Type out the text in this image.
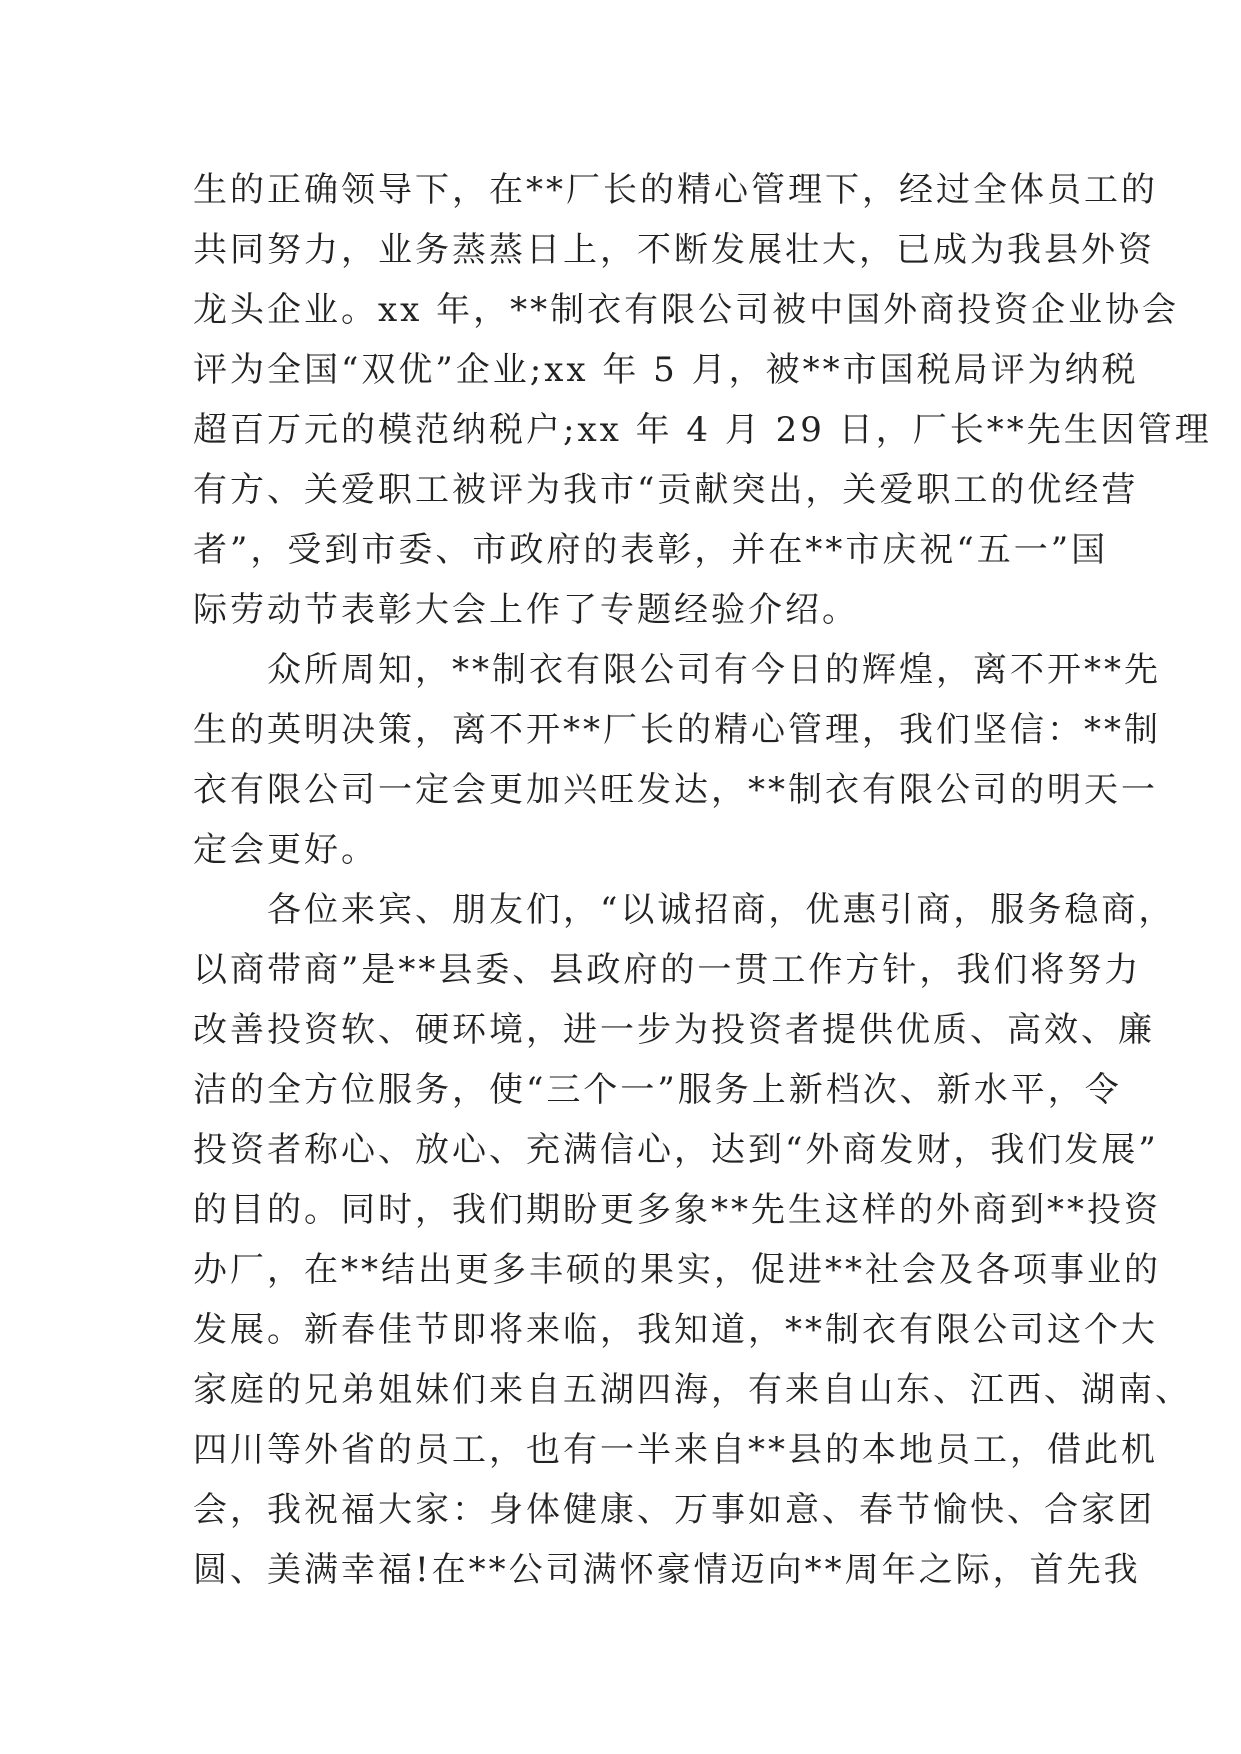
生的正确领导下，在**厂长的精心管理下，经过全体员工的
共同努力，业务蒸蒸日上，不断发展壮大，已成为我县外资
龙头企业。xx 年，**制衣有限公司被中国外商投资企业协会
评为全国“双优”企业;xx 年 5 月，被**市国税局评为纳税
超百万元的模范纳税户;xx 年 4 月 29 日，厂长**先生因管理
有方、关爱职工被评为我市“贡献突出，关爱职工的优经营
者”，受到市委、市政府的表彰，并在**市庆祝“五一”国
际劳动节表彰大会上作了专题经验介绍。
　　众所周知，**制衣有限公司有今日的辉煌，离不开**先
生的英明决策，离不开**厂长的精心管理，我们坚信：**制
衣有限公司一定会更加兴旺发达，**制衣有限公司的明天一
定会更好。
　　各位来宾、朋友们，“以诚招商，优惠引商，服务稳商，
以商带商”是**县委、县政府的一贯工作方针，我们将努力
改善投资软、硬环境，进一步为投资者提供优质、高效、廉
洁的全方位服务，使“三个一”服务上新档次、新水平，令
投资者称心、放心、充满信心，达到“外商发财，我们发展”
的目的。同时，我们期盼更多象**先生这样的外商到**投资
办厂，在**结出更多丰硕的果实，促进**社会及各项事业的
发展。新春佳节即将来临，我知道，**制衣有限公司这个大
家庭的兄弟姐妹们来自五湖四海，有来自山东、江西、湖南、
四川等外省的员工，也有一半来自**县的本地员工，借此机
会，我祝福大家：身体健康、万事如意、春节愉快、合家团
圆、美满幸福!在**公司满怀豪情迈向**周年之际，首先我
